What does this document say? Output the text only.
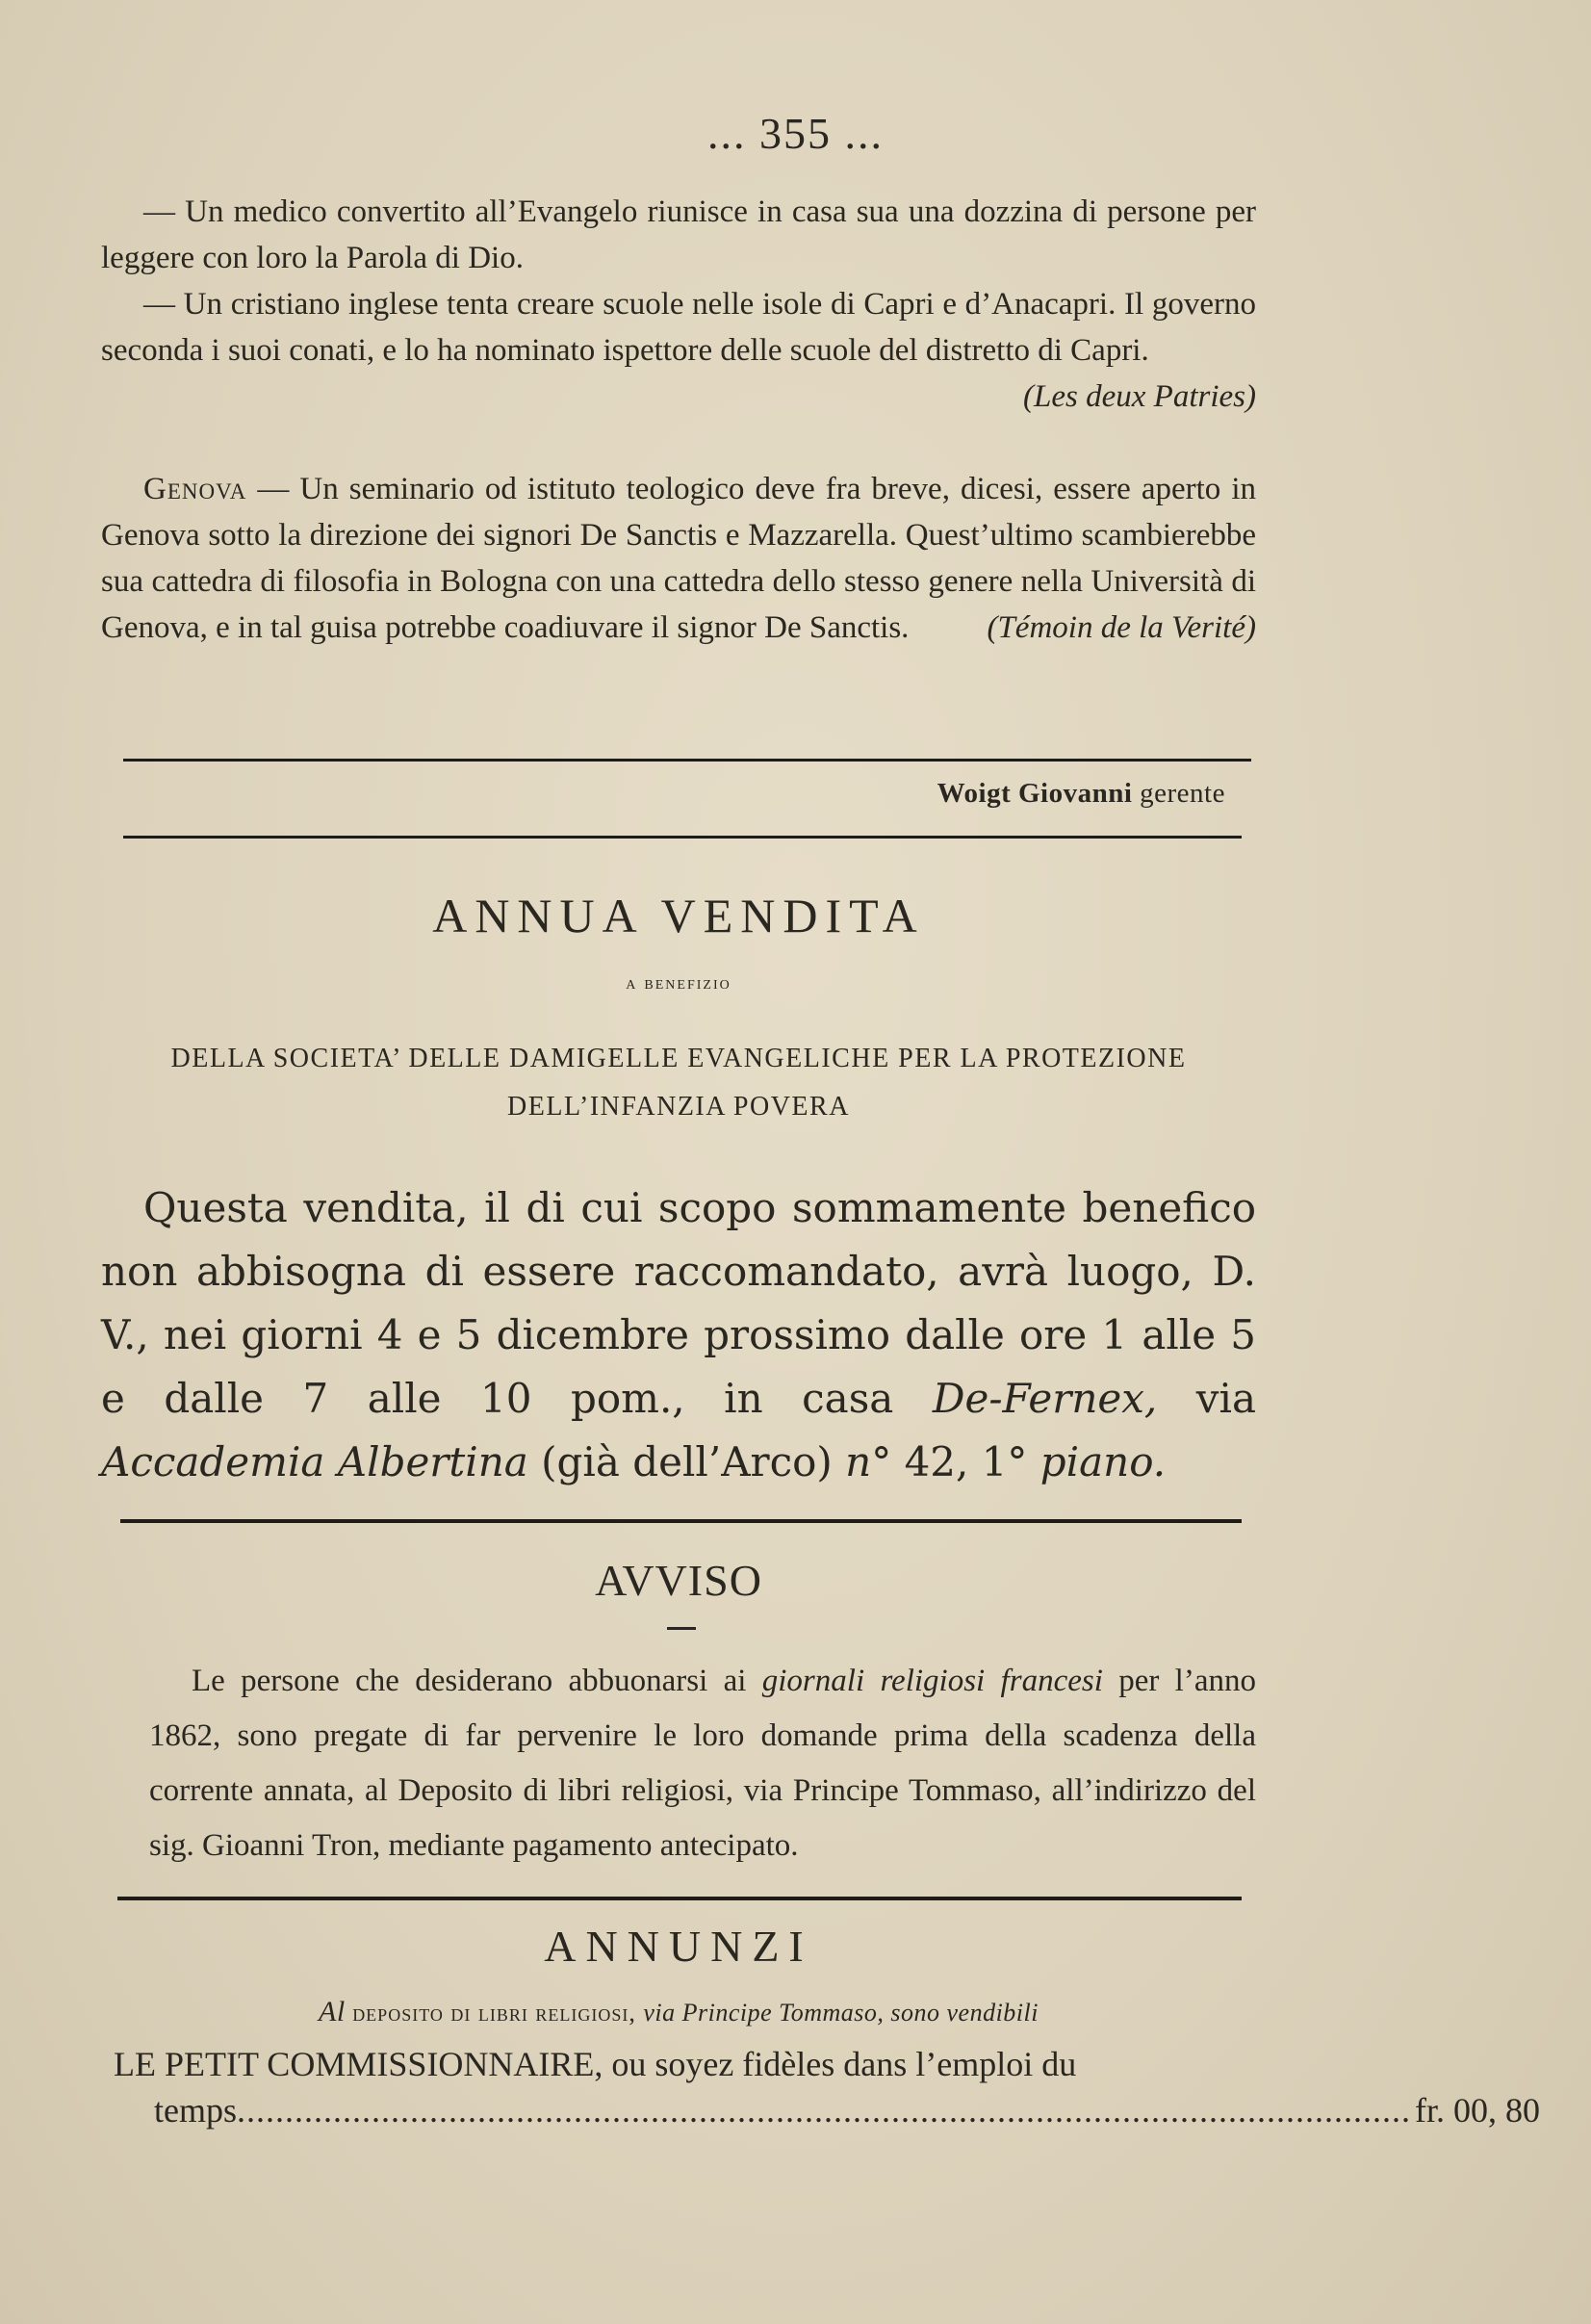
... 355 ...

— Un medico convertito all’Evangelo riunisce in casa sua una dozzina di persone per leggere con loro la Parola di Dio.

— Un cristiano inglese tenta creare scuole nelle isole di Capri e d’Anacapri. Il governo seconda i suoi conati, e lo ha nominato ispettore delle scuole del distretto di Capri.
(Les deux Patries)

Genova — Un seminario od istituto teologico deve fra breve, dicesi, essere aperto in Genova sotto la direzione dei signori De Sanctis e Mazzarella. Quest’ultimo scambierebbe sua cattedra di filosofia in Bologna con una cattedra dello stesso genere nella Università di Genova, e in tal guisa potrebbe coadiuvare il signor De Sanctis.	(Témoin de la Verité)

Woigt Giovanni gerente
ANNUA VENDITA
a benefizio
DELLA SOCIETA’ DELLE DAMIGELLE EVANGELICHE PER LA PROTEZIONE
DELL’INFANZIA POVERA

Questa vendita, il di cui scopo sommamente benefico non abbisogna di essere raccomandato, avrà luogo, D. V., nei giorni 4 e 5 dicembre prossimo dalle ore 1 alle 5 e dalle 7 alle 10 pom., in casa De-Fernex, via Accademia Albertina (già dell’Arco) n° 42, 1° piano.

AVVISO

Le persone che desiderano abbuonarsi ai giornali religiosi francesi per l’anno 1862, sono pregate di far pervenire le loro domande prima della scadenza della corrente annata, al Deposito di libri religiosi, via Principe Tommaso, all’indirizzo del sig. Gioanni Tron, mediante pagamento antecipato.

ANNUNZI
Al deposito di libri religiosi, via Principe Tommaso, sono vendibili

LE PETIT COMMISSIONNAIRE, ou soyez fidèles dans l’emploi du

temps .......................................................................................................................... fr. 00, 80
